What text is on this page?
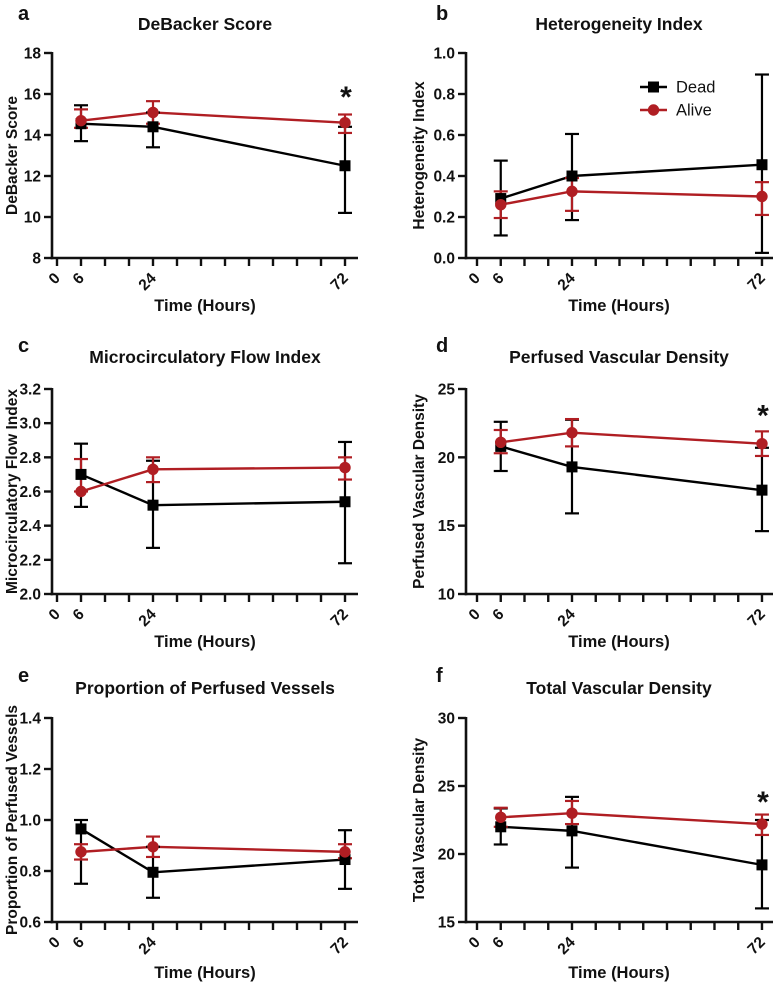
a	DeBacker Score
8
10
12
14
16
18
0 6	24	72
Time (Hours)
DeBacker Score	*
b	Heterogeneity Index
0.0
0.2
0.4
0.6
0.8
1.0
0 6	24	72
Time (Hours)
Heterogeneity Index	Dead
Alive
c	Microcirculatory Flow Index
2.0
2.2
2.4
2.6
2.8
3.0
3.2
0 6	24	72
Time (Hours)
Microcirculatory Flow Index
d	Perfused Vascular Density
10
15
20
25
0 6	24	72
Time (Hours)
Perfused Vascular Density	*
e
Proportion of Perfused Vessels
0.6
0.8
1.0
1.2
1.4
0 6	24	72
Time (Hours)
Proportion of Perfused Vessels
f
Total Vascular Density
15
20
25
30
0 6	24	72
Time (Hours)
Total Vascular Density	*
